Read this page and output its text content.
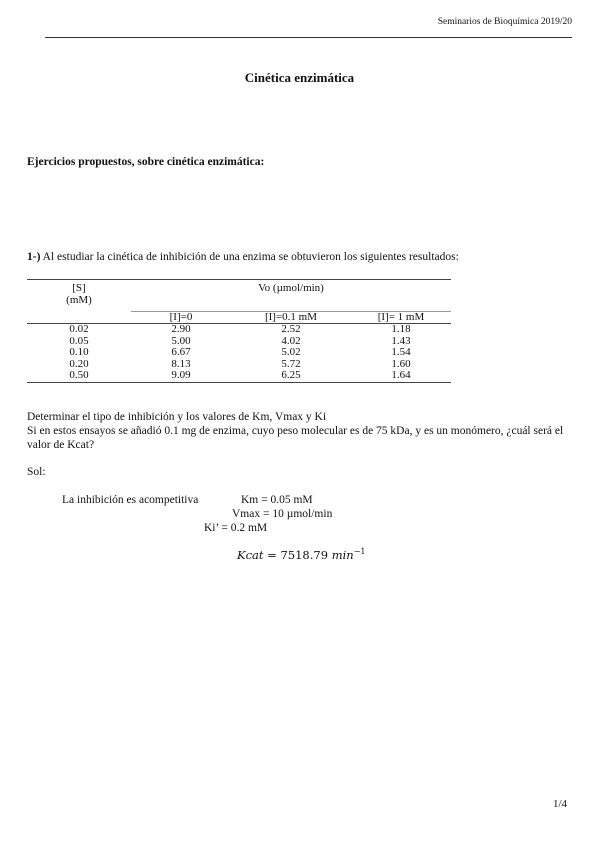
Seminarios de Bioquímica 2019/20
Cinética enzimática
Ejercicios propuestos, sobre cinética enzimática:
1-) Al estudiar la cinética de inhibición de una enzima se obtuvieron los siguientes resultados:
[S]
(mM)	Vo (µmol/min)		
	[I]=0	[I]=0.1 mM	[I]= 1 mM
0.02	2.90	2.52	1.18
0.05	5.00	4.02	1.43
0.10	6.67	5.02	1.54
0.20	8.13	5.72	1.60
0.50	9.09	6.25	1.64
Determinar el tipo de inhibición y los valores de Km, Vmax y Ki
Si en estos ensayos se añadió 0.1 mg de enzima, cuyo peso molecular es de 75 kDa, y es un monómero, ¿cuál será el valor de Kcat?
Sol:
La inhibición es acompetitiva	Km = 0.05 mM
Vmax = 10 µmol/min
Ki’ = 0.2 mM
Kcat = 7518.79 $\min^{-1}$
1/4
